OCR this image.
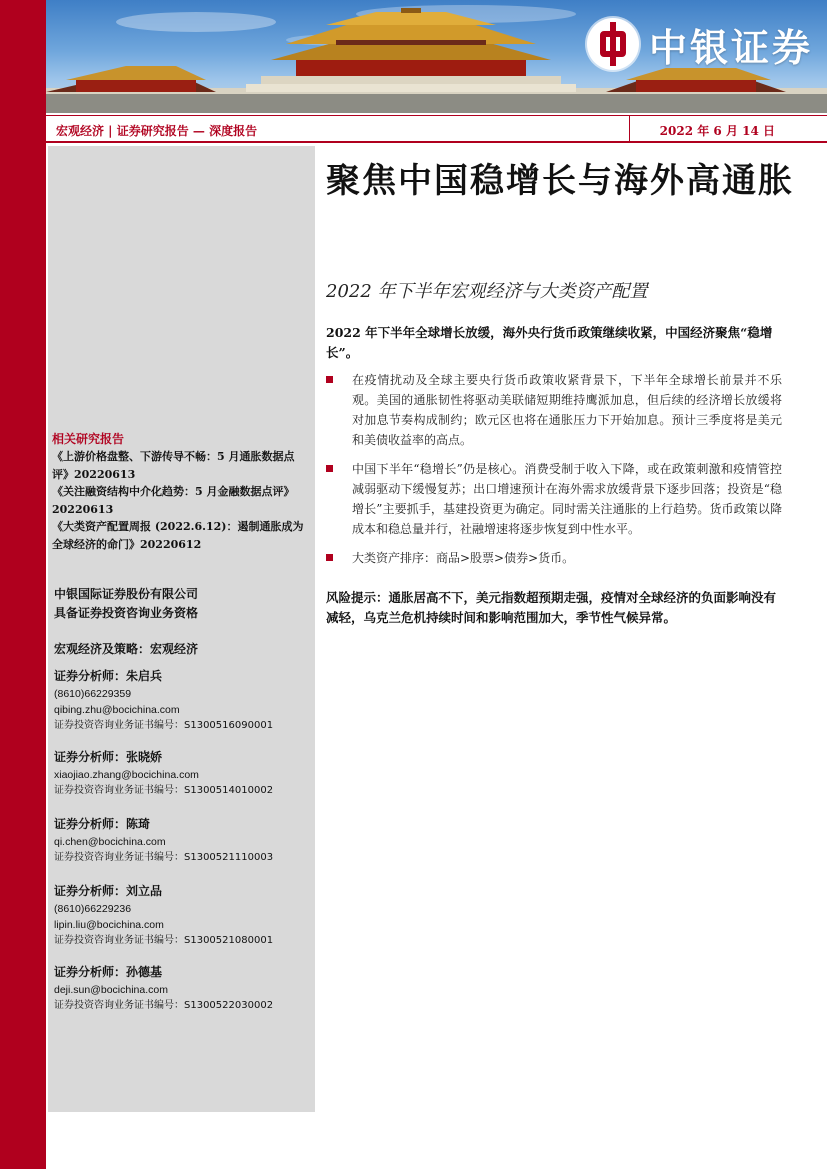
中银证券
宏观经济 | 证券研究报告 — 深度报告	2022 年 6 月 14 日
相关研究报告
《上游价格盘整、下游传导不畅：5 月通胀数据点评》20220613
《关注融资结构中介化趋势：5 月金融数据点评》20220613
《大类资产配置周报 (2022.6.12)：遏制通胀成为全球经济的命门》20220612
中银国际证券股份有限公司
具备证券投资咨询业务资格
宏观经济及策略：宏观经济
证券分析师：朱启兵
(8610)66229359
qibing.zhu@bocichina.com
证券投资咨询业务证书编号：S1300516090001
证券分析师：张晓娇
xiaojiao.zhang@bocichina.com
证券投资咨询业务证书编号：S1300514010002
证券分析师：陈琦
qi.chen@bocichina.com
证券投资咨询业务证书编号：S1300521110003
证券分析师：刘立品
(8610)66229236
lipin.liu@bocichina.com
证券投资咨询业务证书编号：S1300521080001
证券分析师：孙德基
deji.sun@bocichina.com
证券投资咨询业务证书编号：S1300522030002
聚焦中国稳增长与海外高通胀
2022 年下半年宏观经济与大类资产配置

2022 年下半年全球增长放缓，海外央行货币政策继续收紧，中国经济聚焦“稳增长”。

在疫情扰动及全球主要央行货币政策收紧背景下，下半年全球增长前景并不乐观。美国的通胀韧性将驱动美联储短期维持鹰派加息，但后续的经济增长放缓将对加息节奏构成制约；欧元区也将在通胀压力下开始加息。预计三季度将是美元和美债收益率的高点。
中国下半年“稳增长”仍是核心。消费受制于收入下降，或在政策刺激和疫情管控减弱驱动下缓慢复苏；出口增速预计在海外需求放缓背景下逐步回落；投资是“稳增长”主要抓手，基建投资更为确定。同时需关注通胀的上行趋势。货币政策以降成本和稳总量并行，社融增速将逐步恢复到中性水平。
大类资产排序：商品>股票>债券>货币。

风险提示：通胀居高不下，美元指数超预期走强，疫情对全球经济的负面影响没有减轻，乌克兰危机持续时间和影响范围加大，季节性气候异常。
